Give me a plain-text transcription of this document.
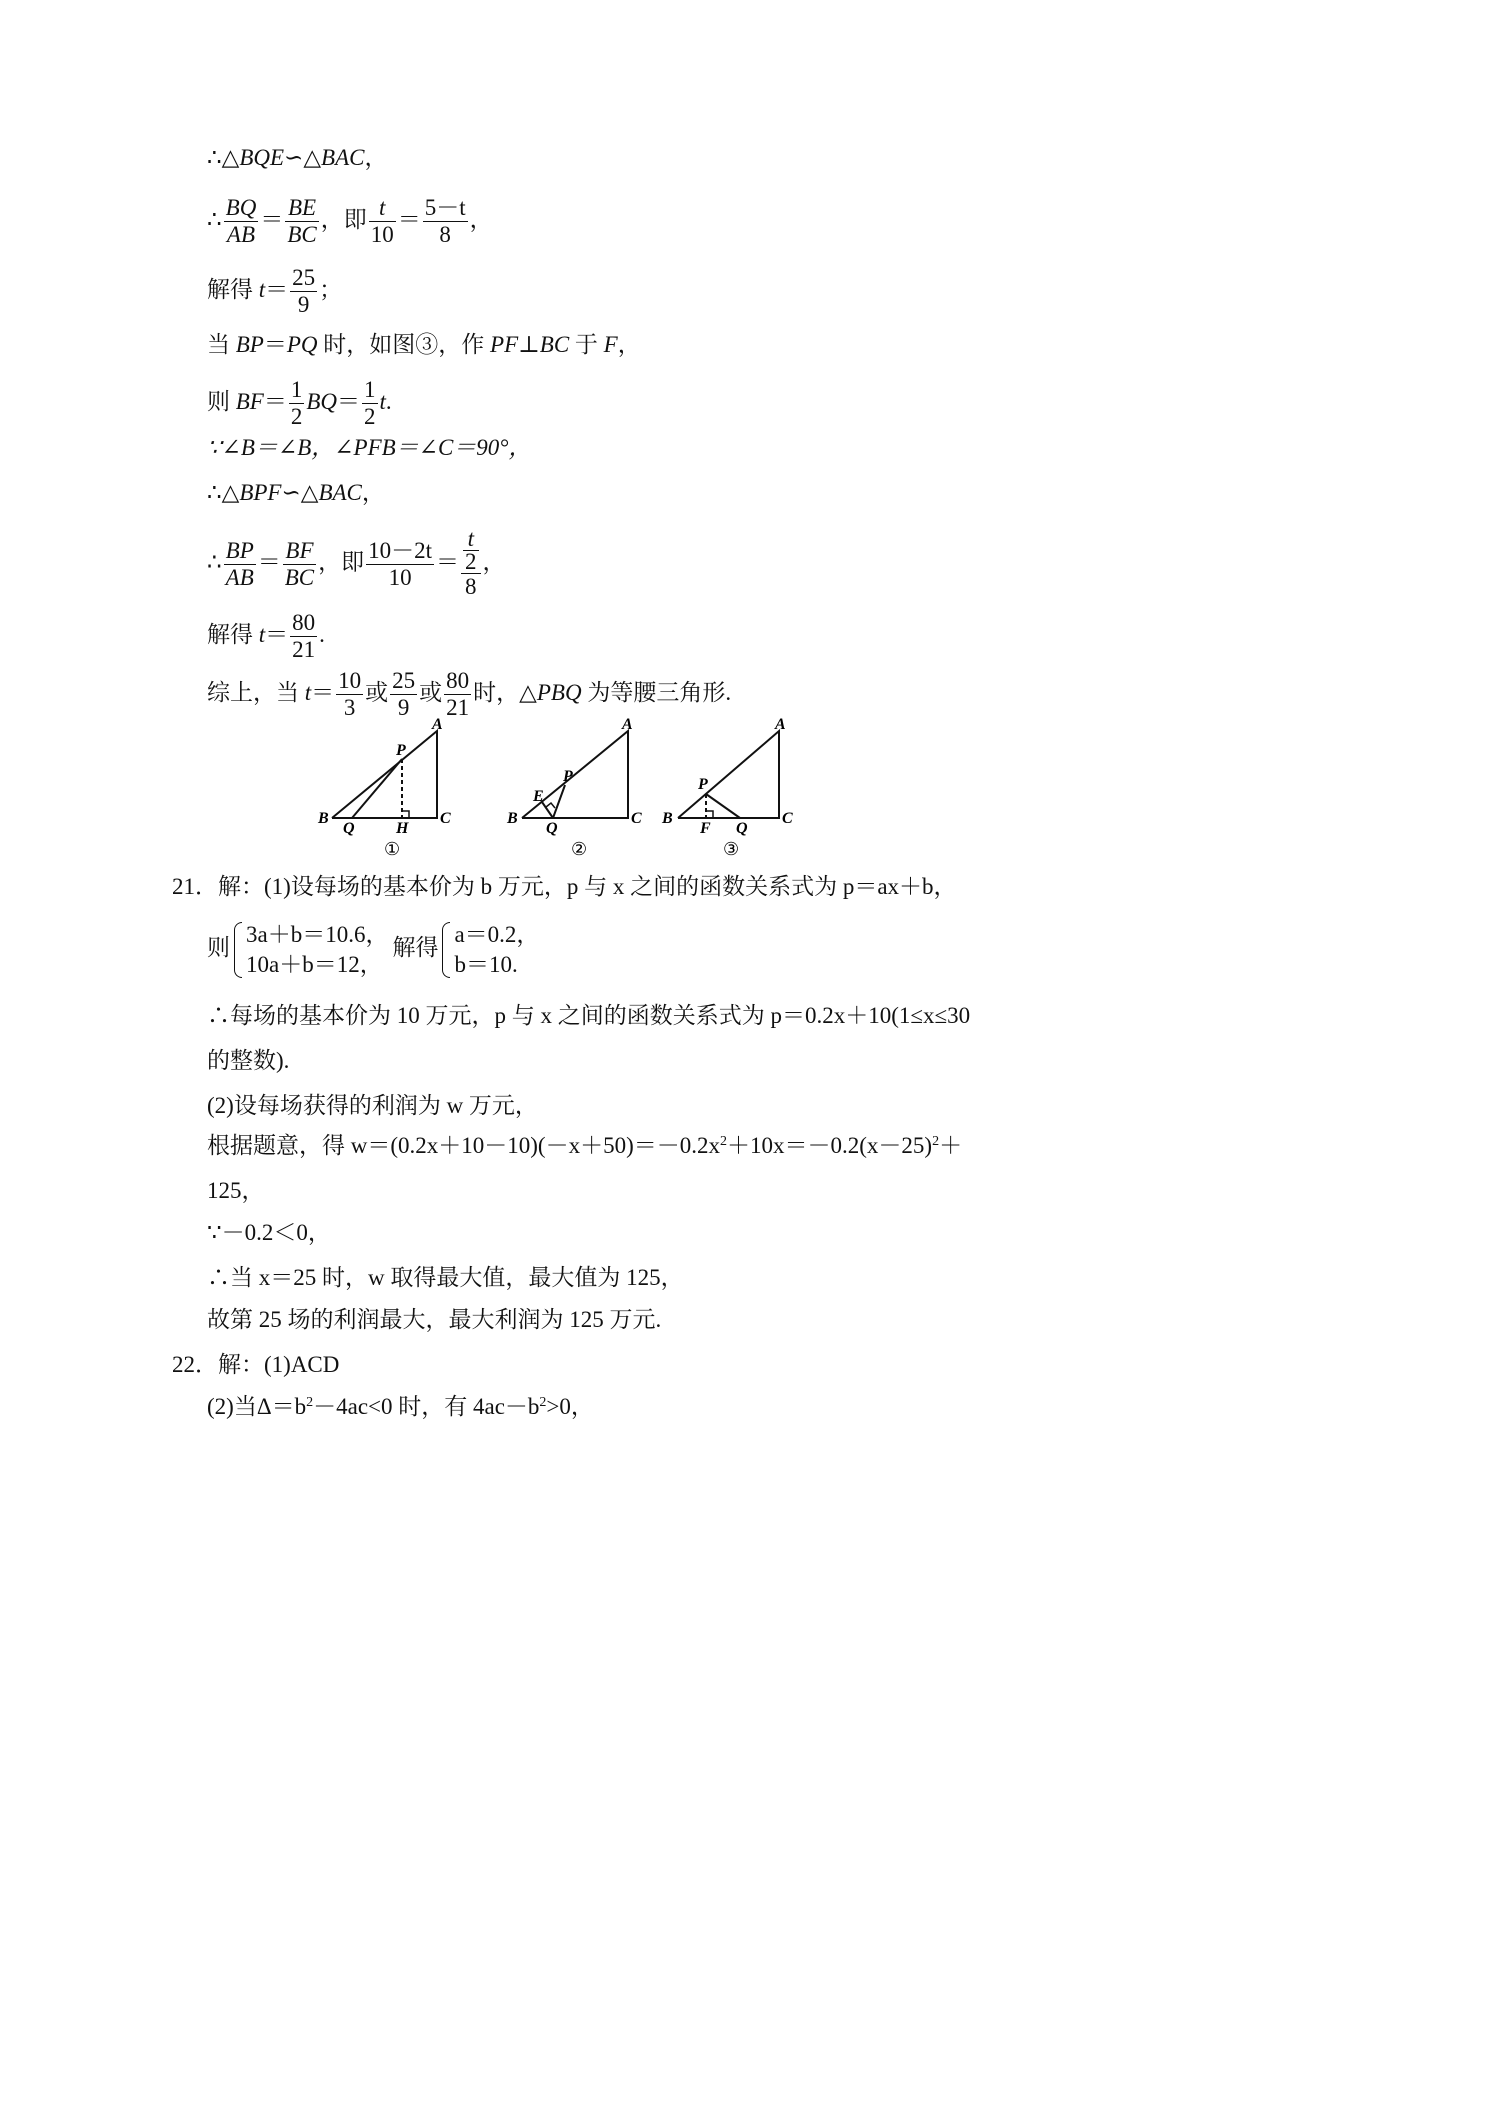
∴△BQE∽△BAC，
∴ $\frac{BQ}{AB} = \frac{BE}{BC}$ ，即 $\frac{t}{10} = \frac{5-t}{8}$ ，
解得 $t= \frac{25}{9}$ ；
当 BP＝PQ 时，如图③，作 PF⊥BC 于 F，
则 $BF= \frac{1}{2} BQ= \frac{1}{2} t$.
∵∠B＝∠B，∠PFB＝∠C＝90°，
∴△BPF∽△BAC，
∴ $\frac{BP}{AB} = \frac{BF}{BC}$ ，即 $\frac{10-2t}{10} = \frac{\frac{t}{2}}{8}$ ，
解得 $t= \frac{80}{21}$ .
综上，当 $t= \frac{10}{3}$ 或 $\frac{25}{9}$ 或 $\frac{80}{21}$ 时，△PBQ 为等腰三角形.
A
B	C
P
Q	H
①
A
B	C
P
Q
E
②
A
B	C
P
Q
F
③
21．解：(1)设每场的基本价为 b 万元，p 与 x 之间的函数关系式为 p＝ax＋b，
则
3a＋b＝10.6，
10a＋b＝12，
解得
a＝0.2，
b＝10.
∴每场的基本价为 10 万元，p 与 x 之间的函数关系式为 p＝0.2x＋10(1≤x≤30
的整数).
(2)设每场获得的利润为 w 万元，
根据题意，得 $w=(0.2x+10-10)(-x+50)=-0.2x^2+10x=-0.2(x-25)^2+$
125，
∵－0.2＜0，
∴当 x＝25 时，w 取得最大值，最大值为 125，
故第 25 场的利润最大，最大利润为 125 万元.
22．解：(1)ACD
(2)当$\Delta=b^2-4ac<0$ 时，有 $4ac-b^2>0$，
